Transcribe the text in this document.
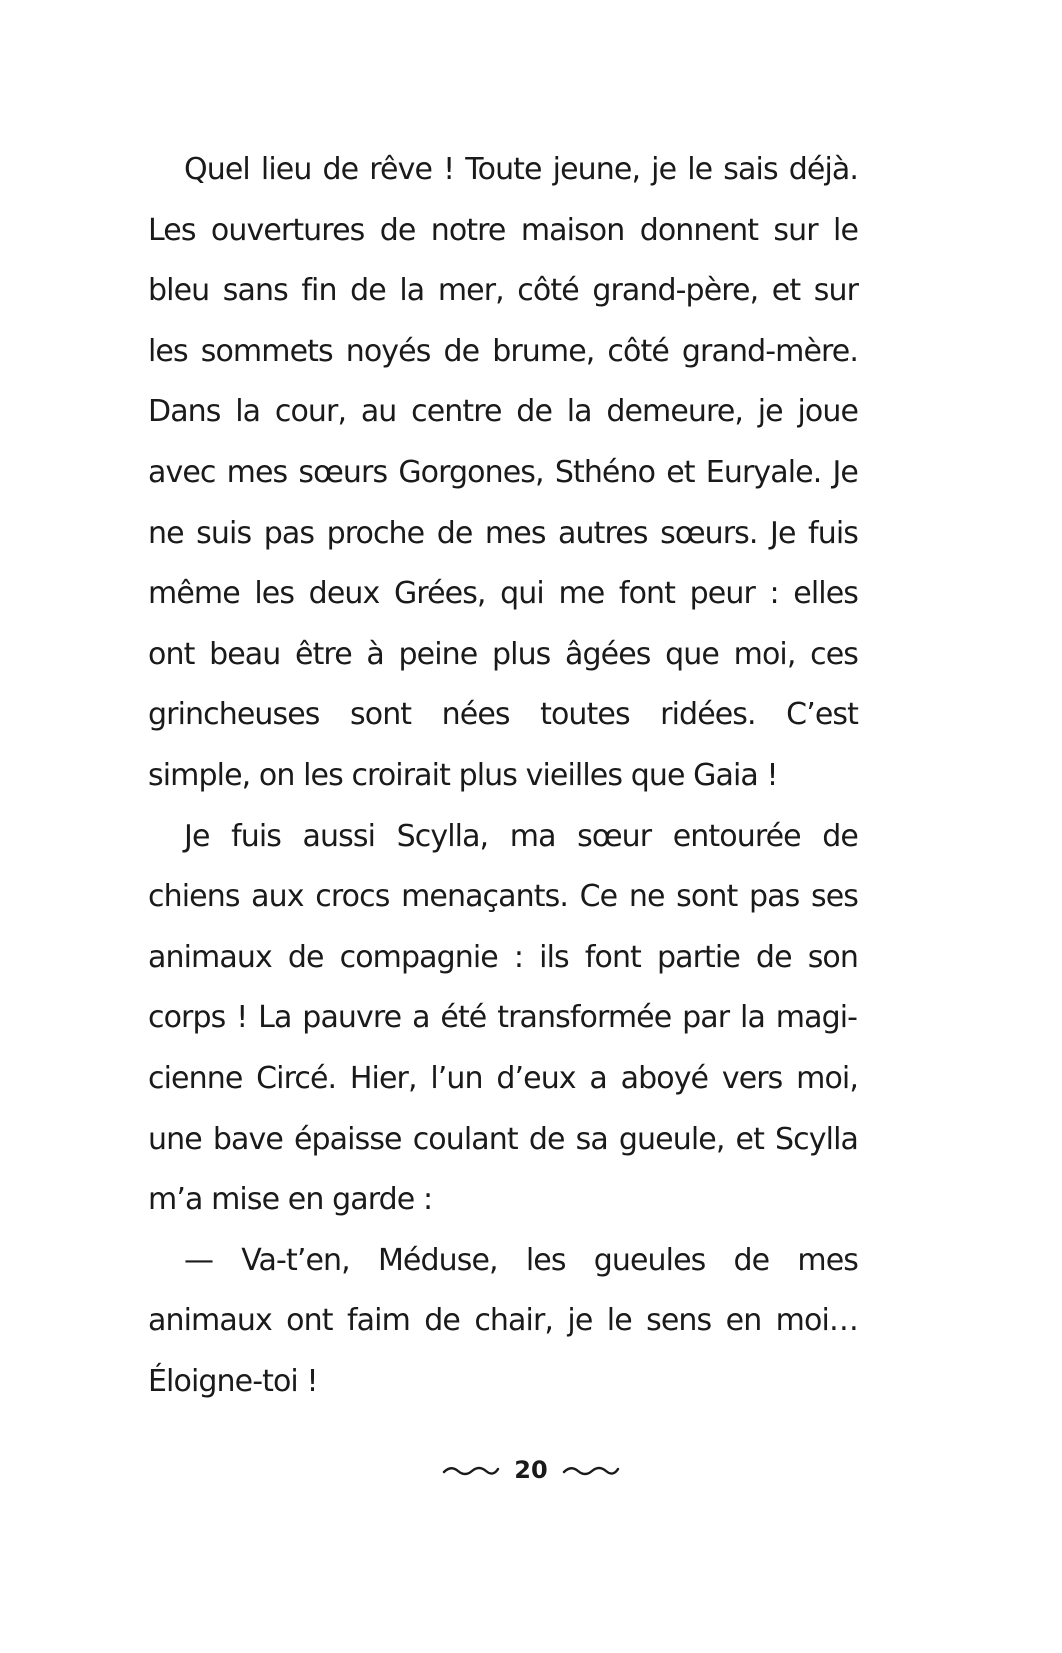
Quel lieu de rêve ! Toute jeune, je le sais déjà. Les ouvertures de notre maison donnent sur le bleu sans fin de la mer, côté grand-père, et sur les sommets noyés de brume, côté grand-mère. Dans la cour, au centre de la demeure, je joue avec mes sœurs Gorgones, Sthéno et Euryale. Je ne suis pas proche de mes autres sœurs. Je fuis même les deux Grées, qui me font peur : elles ont beau être à peine plus âgées que moi, ces grincheuses sont nées toutes ridées. C’est simple, on les croirait plus vieilles que Gaia !

Je fuis aussi Scylla, ma sœur entourée de chiens aux crocs menaçants. Ce ne sont pas ses animaux de compagnie : ils font partie de son corps ! La pauvre a été transformée par la magicienne Circé. Hier, l’un d’eux a aboyé vers moi, une bave épaisse coulant de sa gueule, et Scylla m’a mise en garde :

— Va-t’en, Méduse, les gueules de mes animaux ont faim de chair, je le sens en moi… Éloigne-toi !

20
